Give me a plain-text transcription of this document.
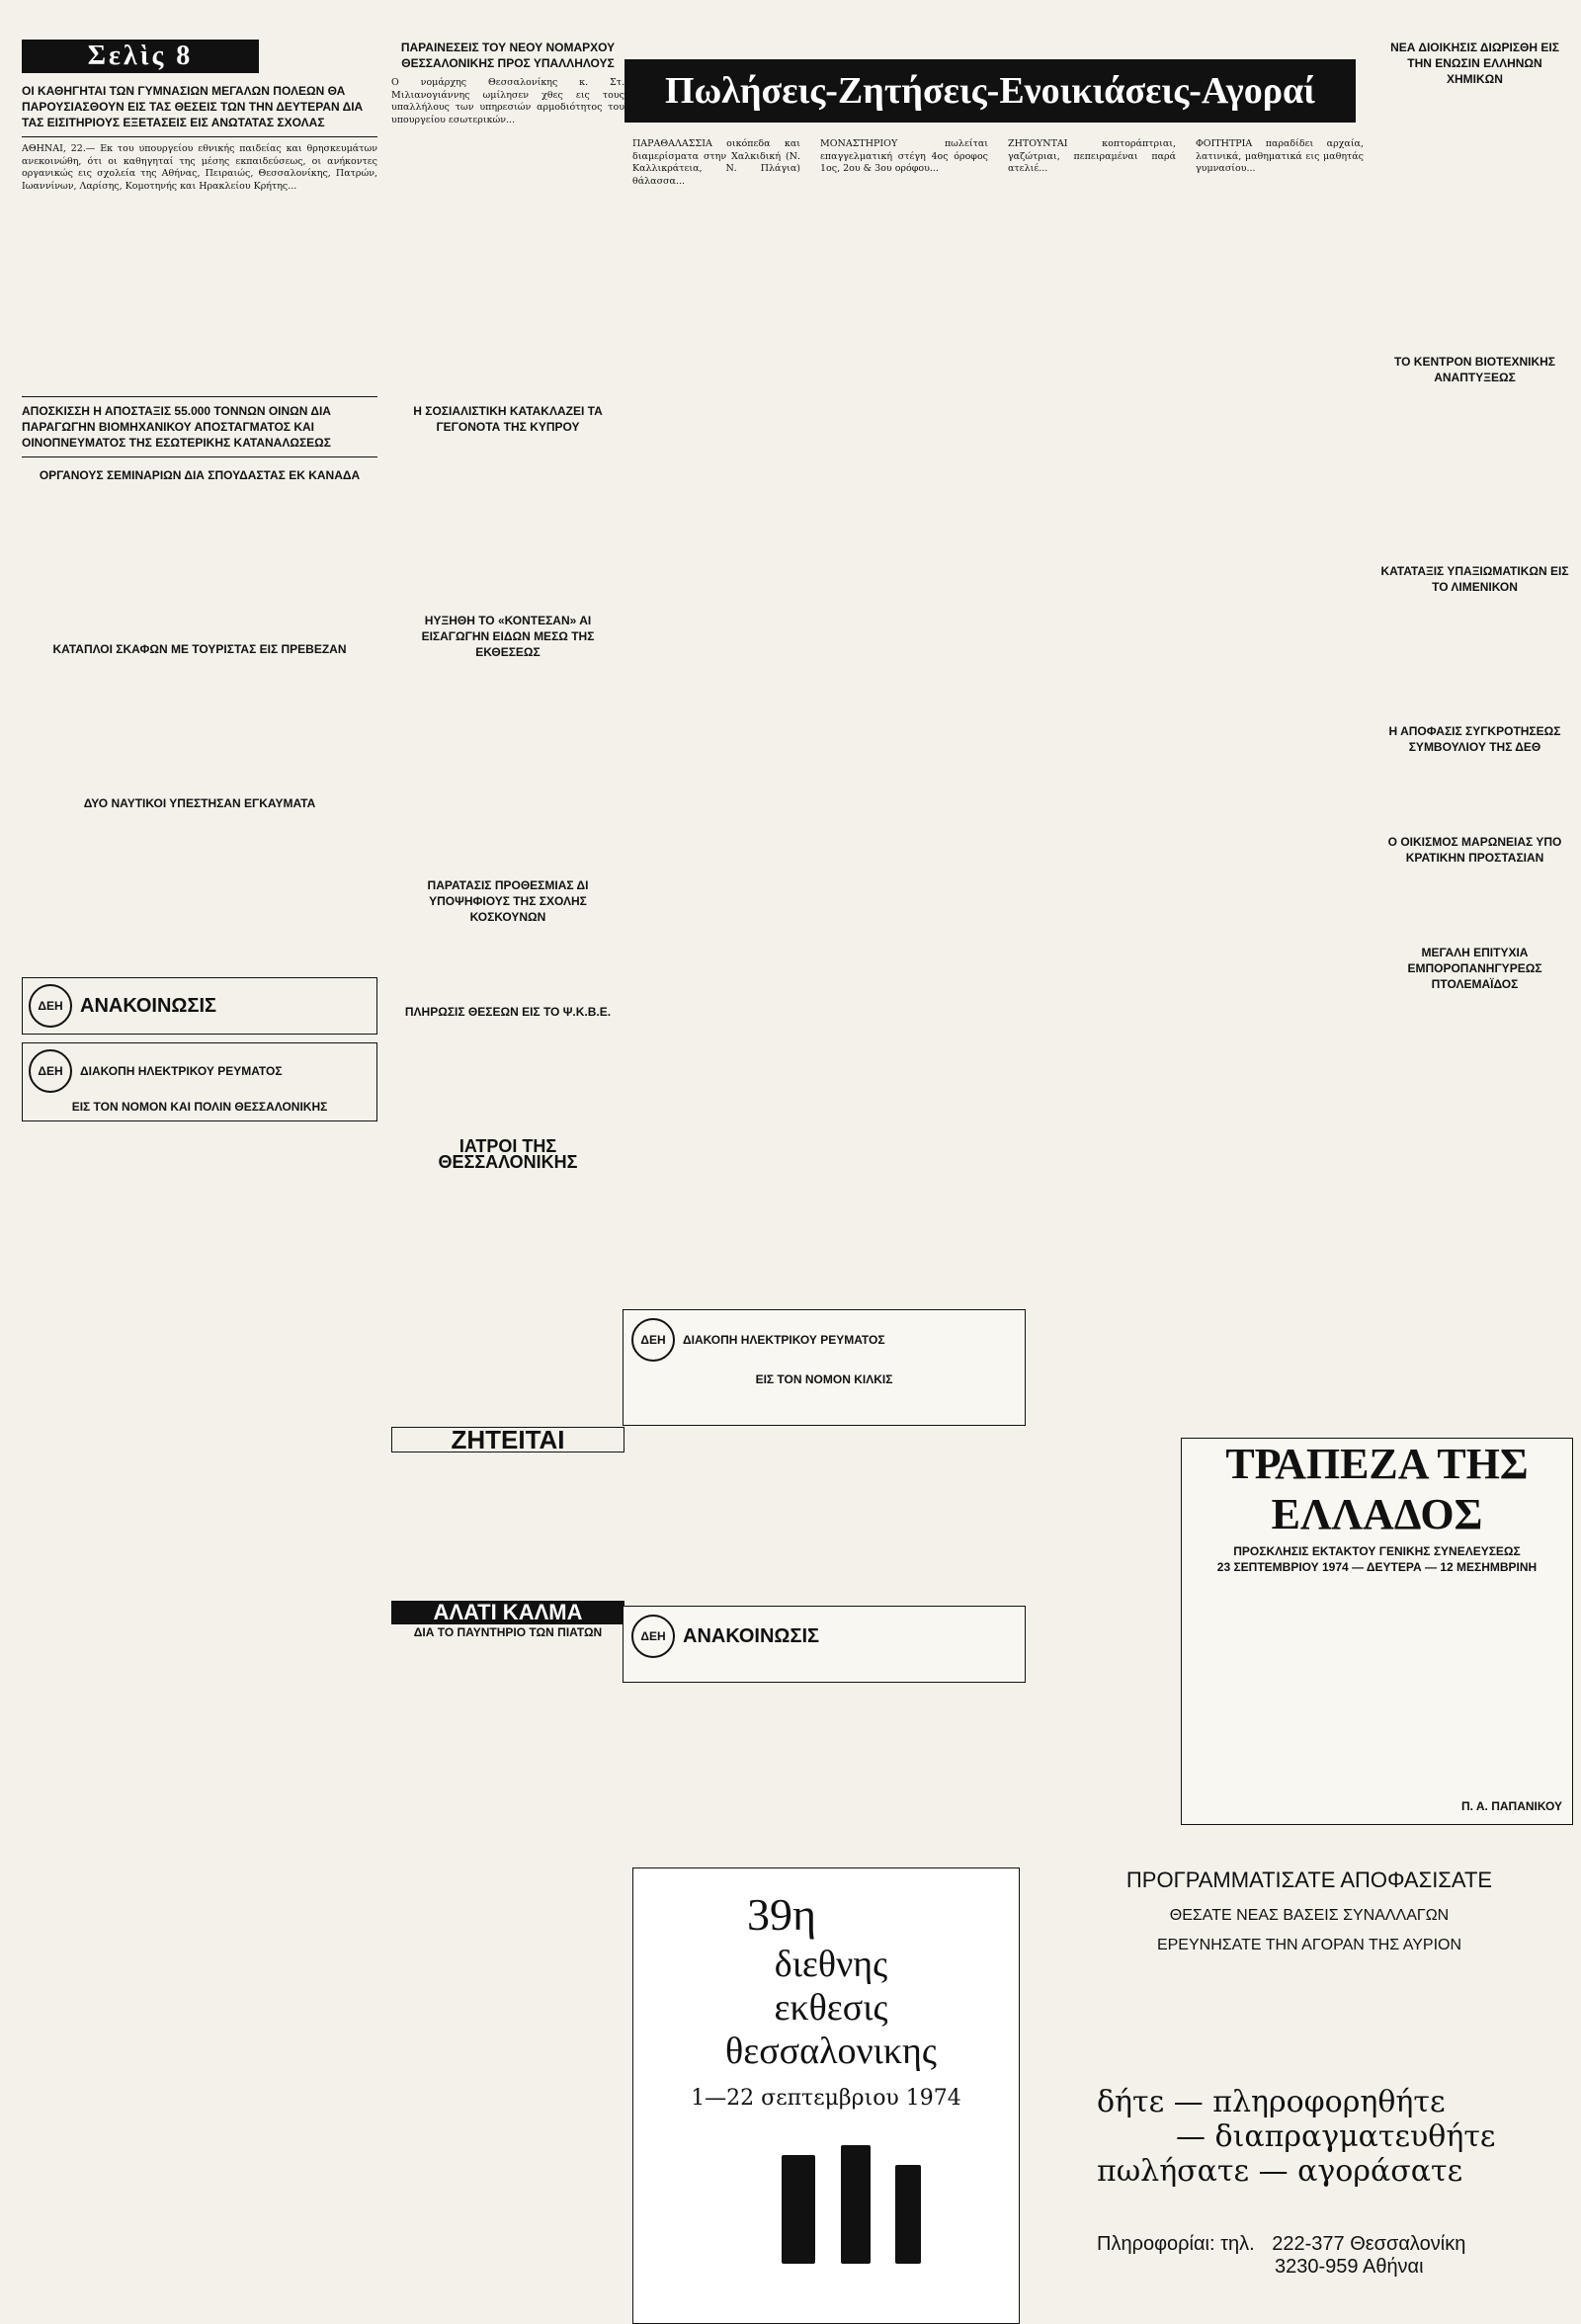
Σελὶς 8
ΟΙ ΚΑΘΗΓΗΤΑΙ ΤΩΝ ΓΥΜΝΑΣΙΩΝ ΜΕΓΑΛΩΝ ΠΟΛΕΩΝ ΘΑ ΠΑΡΟΥΣΙΑΣΘΟΥΝ ΕΙΣ ΤΑΣ ΘΕΣΕΙΣ ΤΩΝ ΤΗΝ ΔΕΥΤΕΡΑΝ ΔΙΑ ΤΑΣ ΕΙΣΙΤΗΡΙΟΥΣ ΕΞΕΤΑΣΕΙΣ ΕΙΣ ΑΝΩΤΑΤΑΣ ΣΧΟΛΑΣ
ΑΘΗΝΑΙ, 22.— Εκ του υπουργείου εθνικής παιδείας και θρησκευμάτων ανεκοινώθη, ότι οι καθηγηταί της μέσης εκπαιδεύσεως, οι ανήκοντες οργανικώς εις σχολεία της Αθήνας, Πειραιώς, Θεσσαλονίκης, Πατρών, Ιωαννίνων, Λαρίσης, Κομοτηνής και Ηρακλείου Κρήτης...
ΑΠΟΣΚΙΣΣΗ Η ΑΠΟΣΤΑΞΙΣ 55.000 ΤΟΝΝΩΝ ΟΙΝΩΝ ΔΙΑ ΠΑΡΑΓΩΓΗΝ ΒΙΟΜΗΧΑΝΙΚΟΥ ΑΠΟΣΤΑΓΜΑΤΟΣ ΚΑΙ ΟΙΝΟΠΝΕΥΜΑΤΟΣ ΤΗΣ ΕΣΩΤΕΡΙΚΗΣ ΚΑΤΑΝΑΛΩΣΕΩΣ
ΟΡΓΑΝΟΥΣ ΣΕΜΙΝΑΡΙΩΝ ΔΙΑ ΣΠΟΥΔΑΣΤΑΣ ΕΚ ΚΑΝΑΔΑ
ΚΑΤΑΠΛΟΙ ΣΚΑΦΩΝ ΜΕ ΤΟΥΡΙΣΤΑΣ ΕΙΣ ΠΡΕΒΕΖΑΝ
ΔΥΟ ΝΑΥΤΙΚΟΙ ΥΠΕΣΤΗΣΑΝ ΕΓΚΑΥΜΑΤΑ
ΔΕΗ ΑΝΑΚΟΙΝΩΣΙΣ
ΔΕΗ	ΔΙΑΚΟΠΗ ΗΛΕΚΤΡΙΚΟΥ ΡΕΥΜΑΤΟΣ
ΕΙΣ ΤΟΝ ΝΟΜΟΝ ΚΑΙ ΠΟΛΙΝ ΘΕΣΣΑΛΟΝΙΚΗΣ
ΠΑΡΑΙΝΕΣΕΙΣ ΤΟΥ ΝΕΟΥ ΝΟΜΑΡΧΟΥ ΘΕΣΣΑΛΟΝΙΚΗΣ ΠΡΟΣ ΥΠΑΛΛΗΛΟΥΣ
Ο νομάρχης Θεσσαλονίκης κ. Στ. Μιλιανογιάννης ωμίλησεν χθες εις τους υπαλλήλους των υπηρεσιών αρμοδιότητος του υπουργείου εσωτερικών...
Η ΣΟΣΙΑΛΙΣΤΙΚΗ ΚΑΤΑΚΛΑΖΕΙ ΤΑ ΓΕΓΟΝΟΤΑ ΤΗΣ ΚΥΠΡΟΥ
ΗΥΞΗΘΗ ΤΟ «ΚΟΝΤΕΣΑΝ» ΑΙ ΕΙΣΑΓΩΓΗΝ ΕΙΔΩΝ ΜΕΣΩ ΤΗΣ ΕΚΘΕΣΕΩΣ
ΠΑΡΑΤΑΣΙΣ ΠΡΟΘΕΣΜΙΑΣ ΔΙ ΥΠΟΨΗΦΙΟΥΣ ΤΗΣ ΣΧΟΛΗΣ ΚΟΣΚΟΥΝΩΝ
ΠΛΗΡΩΣΙΣ ΘΕΣΕΩΝ ΕΙΣ ΤΟ Ψ.Κ.Β.Ε.
ΙΑΤΡΟΙ ΤΗΣ ΘΕΣΣΑΛΟΝΙΚΗΣ
ΖΗΤΕΙΤΑΙ
ΑΛΑΤΙ ΚΑΛΜΑ
ΔΙΑ ΤΟ ΠΑΥΝΤΗΡΙΟ ΤΩΝ ΠΙΑΤΩΝ
Πωλήσεις-Ζητήσεις-Ενοικιάσεις-Αγοραί
ΠΑΡΑΘΑΛΑΣΣΙΑ οικόπεδα και διαμερίσματα στην Χαλκιδική (Ν. Καλλικράτεια, Ν. Πλάγια) θάλασσα...
ΜΟΝΑΣΤΗΡΙΟΥ πωλείται επαγγελματική στέγη 4ος όροφος 1ος, 2ου & 3ου ορόφου...
ΖΗΤΟΥΝΤΑΙ κοπτοράπτριαι, γαζώτριαι, πεπειραμέναι παρά ατελιέ...
ΦΟΙΤΗΤΡΙΑ παραδίδει αρχαία, λατινικά, μαθηματικά εις μαθητάς γυμνασίου...
ΔΕΗ	ΔΙΑΚΟΠΗ ΗΛΕΚΤΡΙΚΟΥ ΡΕΥΜΑΤΟΣ
ΕΙΣ ΤΟΝ ΝΟΜΟΝ ΚΙΛΚΙΣ
ΔΕΗ ΑΝΑΚΟΙΝΩΣΙΣ
ΝΕΑ ΔΙΟΙΚΗΣΙΣ ΔΙΩΡΙΣΘΗ ΕΙΣ ΤΗΝ ΕΝΩΣΙΝ ΕΛΛΗΝΩΝ ΧΗΜΙΚΩΝ
ΤΟ ΚΕΝΤΡΟΝ ΒΙΟΤΕΧΝΙΚΗΣ ΑΝΑΠΤΥΞΕΩΣ
ΚΑΤΑΤΑΞΙΣ ΥΠΑΞΙΩΜΑΤΙΚΩΝ ΕΙΣ ΤΟ ΛΙΜΕΝΙΚΟΝ
Η ΑΠΟΦΑΣΙΣ ΣΥΓΚΡΟΤΗΣΕΩΣ ΣΥΜΒΟΥΛΙΟΥ ΤΗΣ ΔΕΘ
Ο ΟΙΚΙΣΜΟΣ ΜΑΡΩΝΕΙΑΣ ΥΠΟ ΚΡΑΤΙΚΗΝ ΠΡΟΣΤΑΣΙΑΝ
ΜΕΓΑΛΗ ΕΠΙΤΥΧΙΑ ΕΜΠΟΡΟΠΑΝΗΓΥΡΕΩΣ ΠΤΟΛΕΜΑΪΔΟΣ
ΤΡΑΠΕΖΑ ΤΗΣ ΕΛΛΑΔΟΣ
ΠΡΟΣΚΛΗΣΙΣ ΕΚΤΑΚΤΟΥ ΓΕΝΙΚΗΣ ΣΥΝΕΛΕΥΣΕΩΣ
23 ΣΕΠΤΕΜΒΡΙΟΥ 1974 — ΔΕΥΤΕΡΑ — 12 ΜΕΣΗΜΒΡΙΝΗ
Π. Α. ΠΑΠΑΝΙΚΟΥ
39η
διεθνης
εκθεσις
θεσσαλονικης
1—22 σεπτεμβριου 1974
ΠΡΟΓΡΑΜΜΑΤΙΣΑΤΕ ΑΠΟΦΑΣΙΣΑΤΕ
ΘΕΣΑΤΕ ΝΕΑΣ ΒΑΣΕΙΣ ΣΥΝΑΛΛΑΓΩΝ
ΕΡΕΥΝΗΣΑΤΕ ΤΗΝ ΑΓΟΡΑΝ ΤΗΣ ΑΥΡΙΟΝ
δήτε — πληροφορηθήτε
— διαπραγματευθήτε
πωλήσατε — αγοράσατε
Πληροφορίαι: τηλ. 222-377 Θεσσαλονίκη
3230-959 Αθήναι
